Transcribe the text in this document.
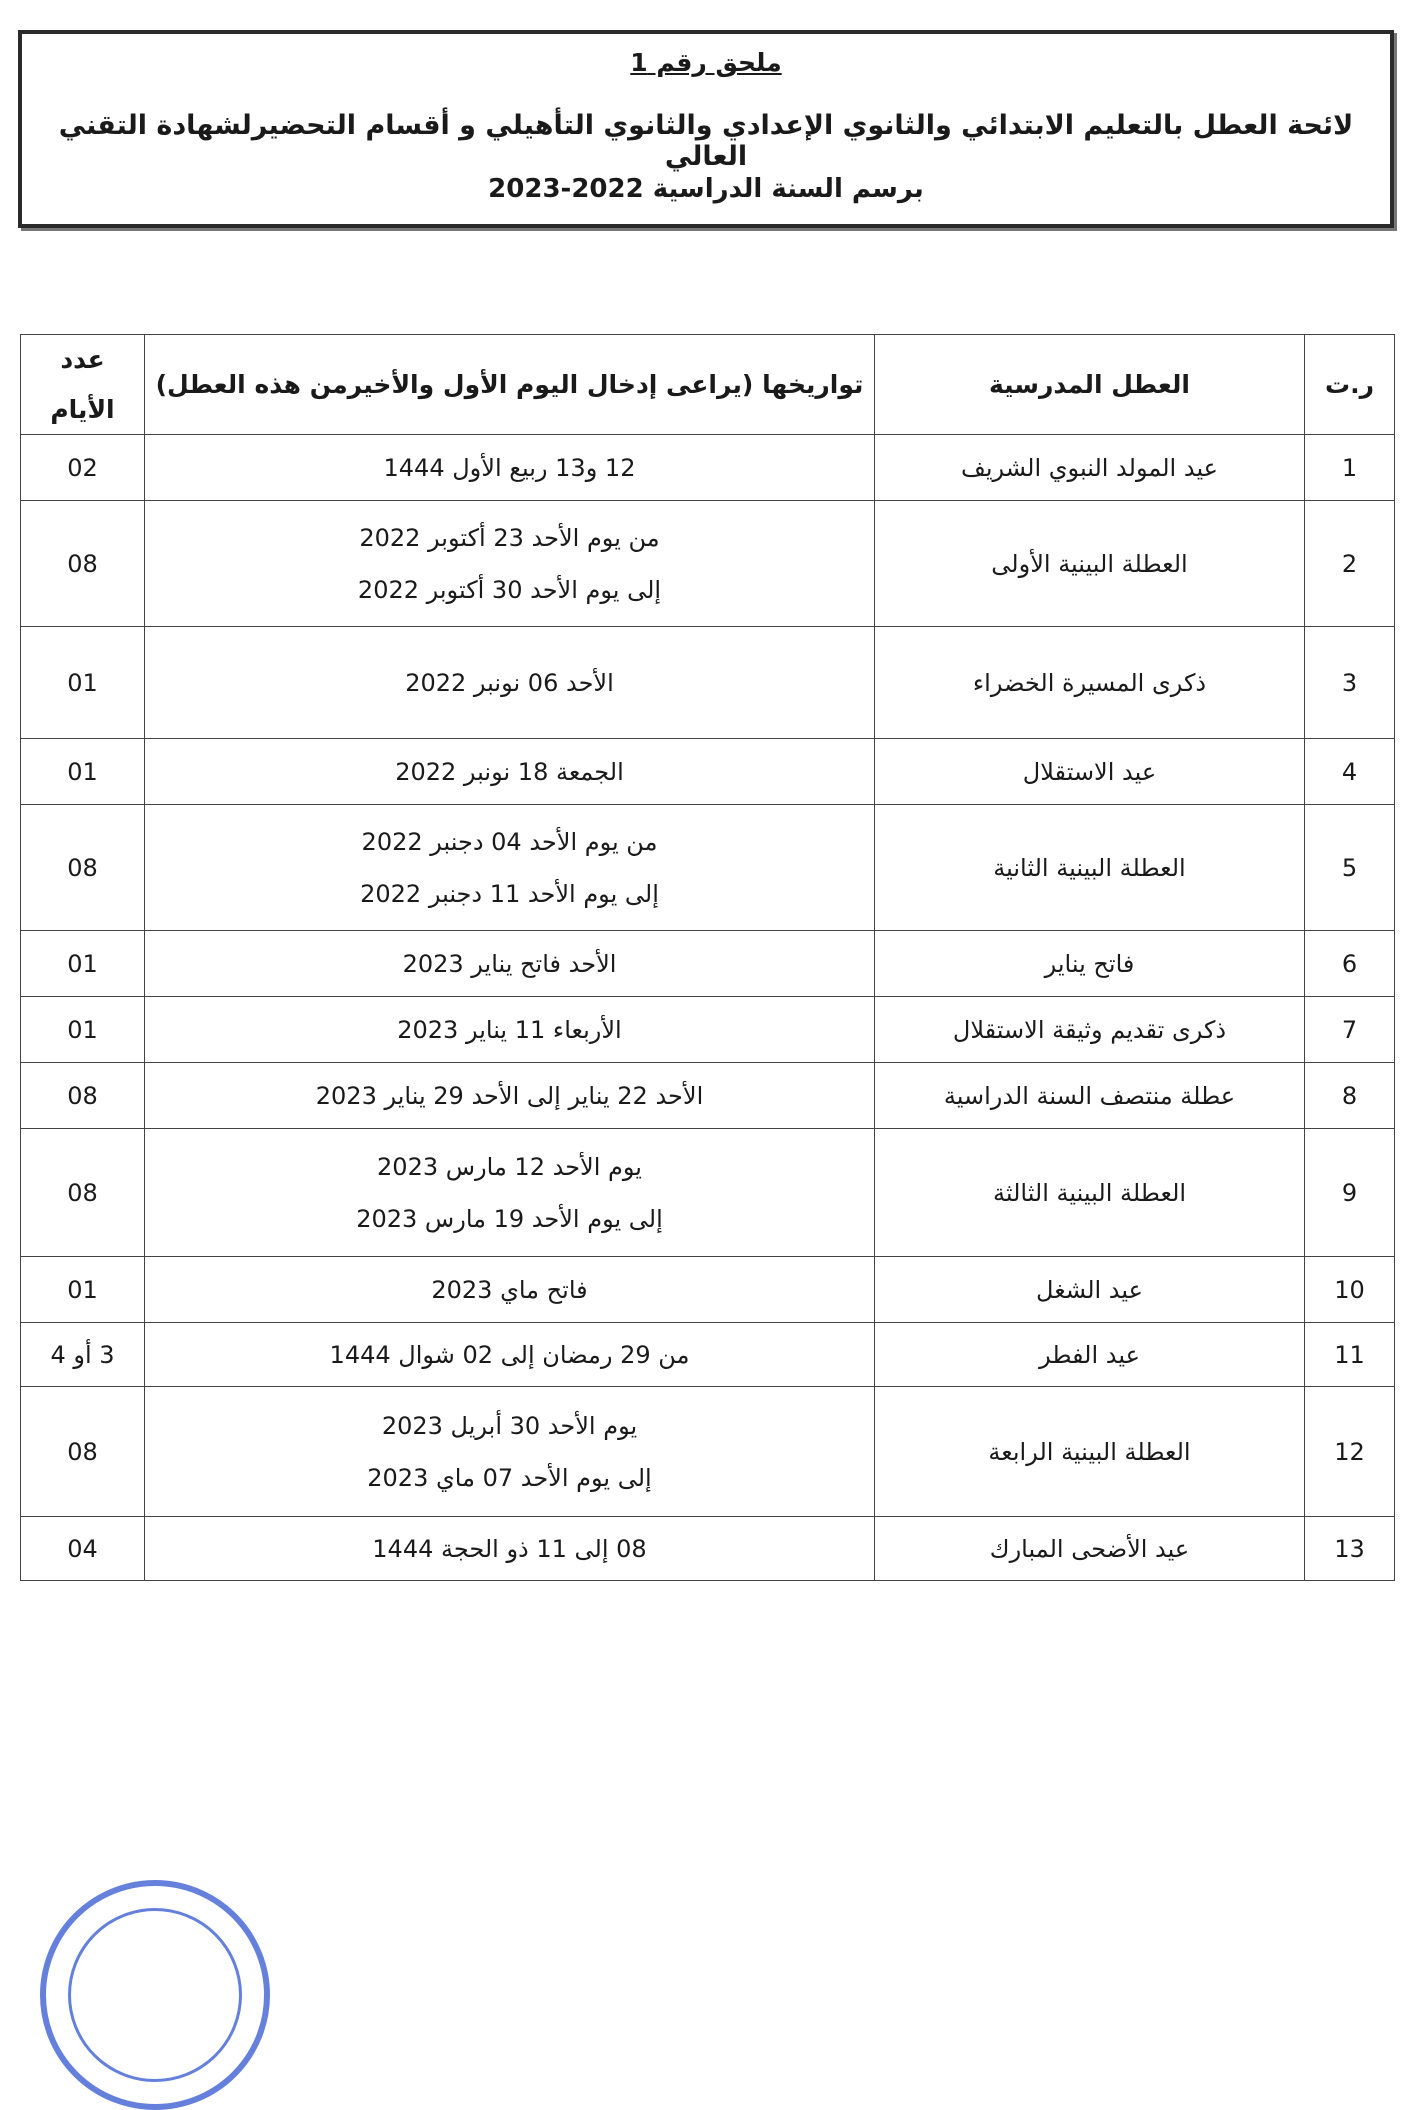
ملحق رقم 1
لائحة العطل بالتعليم الابتدائي والثانوي الإعدادي والثانوي التأهيلي و أقسام التحضيرلشهادة التقني العالي
برسم السنة الدراسية 2022-2023
ر.ت	العطل المدرسية	تواريخها (يراعى إدخال اليوم الأول والأخيرمن هذه العطل)	عدد
الأيام

1	عيد المولد النبوي الشريف	12 و13 ربيع الأول 1444	02
2	العطلة البينية الأولى	من يوم الأحد 23 أكتوبر 2022
إلى يوم الأحد 30 أكتوبر 2022	08
3	ذكرى المسيرة الخضراء	الأحد 06 نونبر 2022	01
4	عيد الاستقلال	الجمعة 18 نونبر 2022	01
5	العطلة البينية الثانية	من يوم الأحد 04 دجنبر 2022
إلى يوم الأحد 11 دجنبر 2022	08
6	فاتح يناير	الأحد فاتح يناير 2023	01
7	ذكرى تقديم وثيقة الاستقلال	الأربعاء 11 يناير 2023	01
8	عطلة منتصف السنة الدراسية	الأحد 22 يناير إلى الأحد 29 يناير 2023	08
9	العطلة البينية الثالثة	يوم الأحد 12 مارس 2023
إلى يوم الأحد 19 مارس 2023	08
10	عيد الشغل	فاتح ماي 2023	01
11	عيد الفطر	من 29 رمضان إلى 02 شوال 1444	3 أو 4
12	العطلة البينية الرابعة	يوم الأحد 30 أبريل 2023
إلى يوم الأحد 07 ماي 2023	08
13	عيد الأضحى المبارك	08 إلى 11 ذو الحجة 1444	04
